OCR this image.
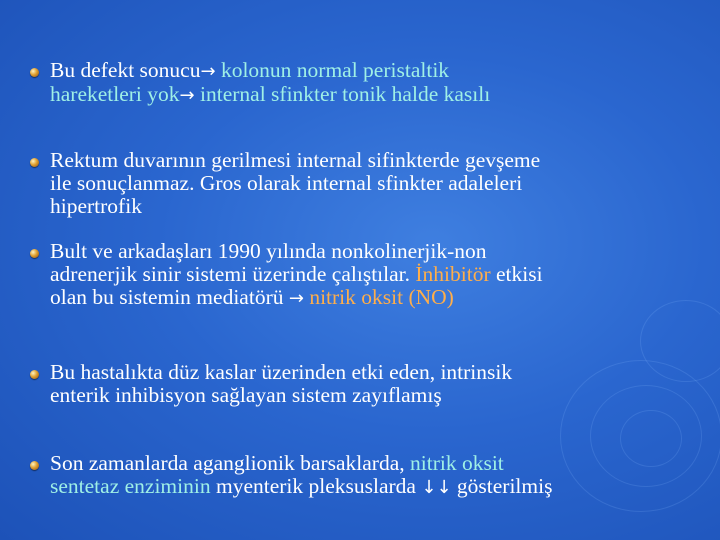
Bu defekt sonucu→ kolonun normal peristaltik
hareketleri yok→ internal sfinkter tonik halde kasılı
Rektum duvarının gerilmesi internal sifinkterde gevşeme
ile sonuçlanmaz. Gros olarak internal sfinkter adaleleri
hipertrofik
Bult ve arkadaşları 1990 yılında nonkolinerjik-non
adrenerjik sinir sistemi üzerinde çalıştılar. İnhibitör etkisi
olan bu sistemin mediatörü → nitrik oksit (NO)
Bu hastalıkta düz kaslar üzerinden etki eden, intrinsik
enterik inhibisyon sağlayan sistem zayıflamış
Son zamanlarda aganglionik barsaklarda, nitrik oksit
sentetaz enziminin myenterik pleksuslarda ↓↓ gösterilmiş
